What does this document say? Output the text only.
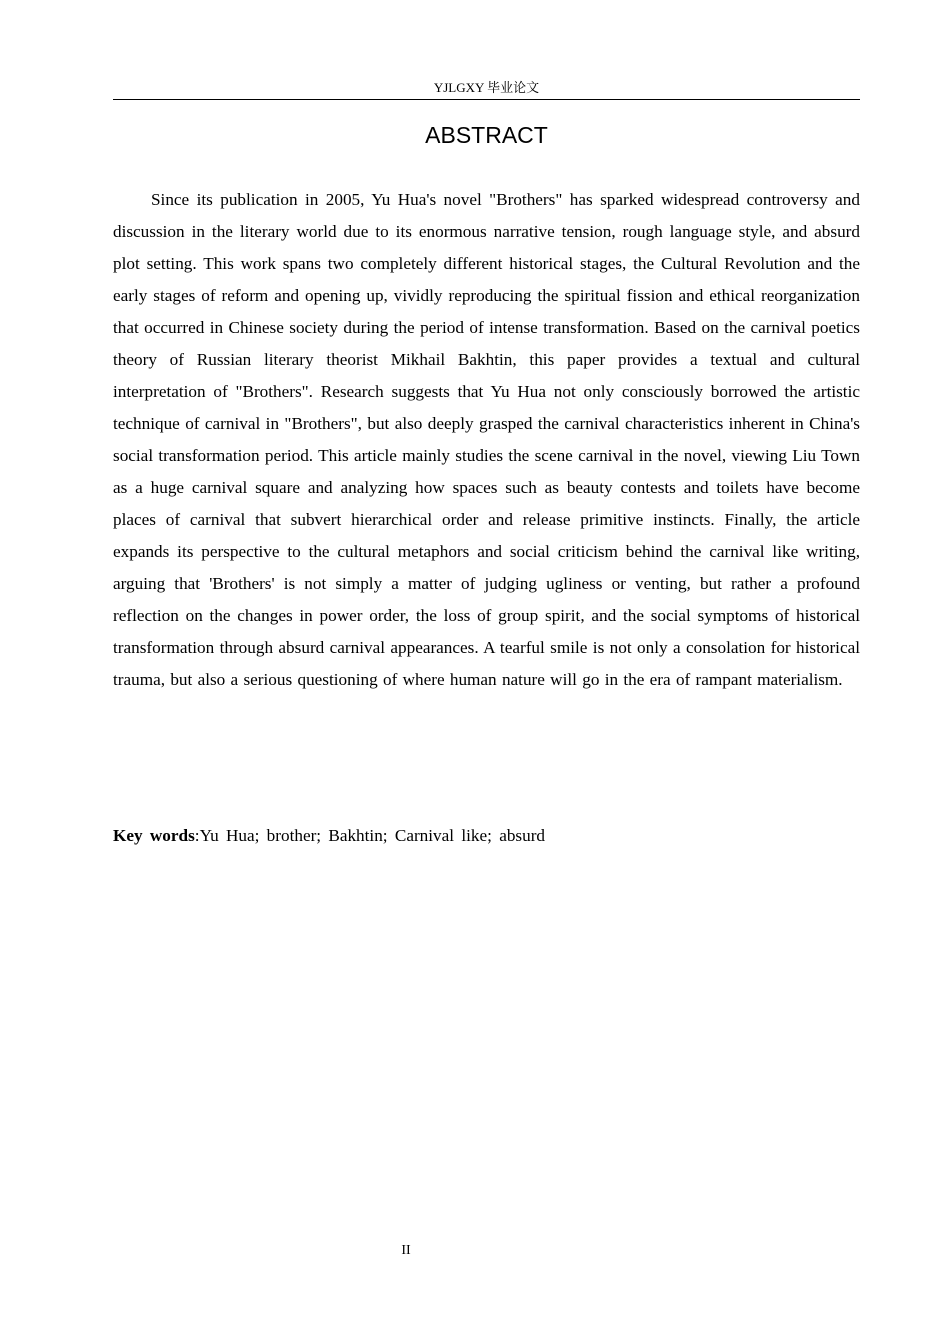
YJLGXY 毕业论文
ABSTRACT

Since its publication in 2005, Yu Hua's novel "Brothers" has sparked widespread controversy and discussion in the literary world due to its enormous narrative tension, rough language style, and absurd plot setting. This work spans two completely different historical stages, the Cultural Revolution and the early stages of reform and opening up, vividly reproducing the spiritual fission and ethical reorganization that occurred in Chinese society during the period of intense transformation. Based on the carnival poetics theory of Russian literary theorist Mikhail Bakhtin, this paper provides a textual and cultural interpretation of "Brothers". Research suggests that Yu Hua not only consciously borrowed the artistic technique of carnival in "Brothers", but also deeply grasped the carnival characteristics inherent in China's social transformation period. This article mainly studies the scene carnival in the novel, viewing Liu Town as a huge carnival square and analyzing how spaces such as beauty contests and toilets have become places of carnival that subvert hierarchical order and release primitive instincts. Finally, the article expands its perspective to the cultural metaphors and social criticism behind the carnival like writing, arguing that 'Brothers' is not simply a matter of judging ugliness or venting, but rather a profound reflection on the changes in power order, the loss of group spirit, and the social symptoms of historical transformation through absurd carnival appearances. A tearful smile is not only a consolation for historical trauma, but also a serious questioning of where human nature will go in the era of rampant materialism.

Key words:Yu Hua; brother; Bakhtin; Carnival like; absurd

II
